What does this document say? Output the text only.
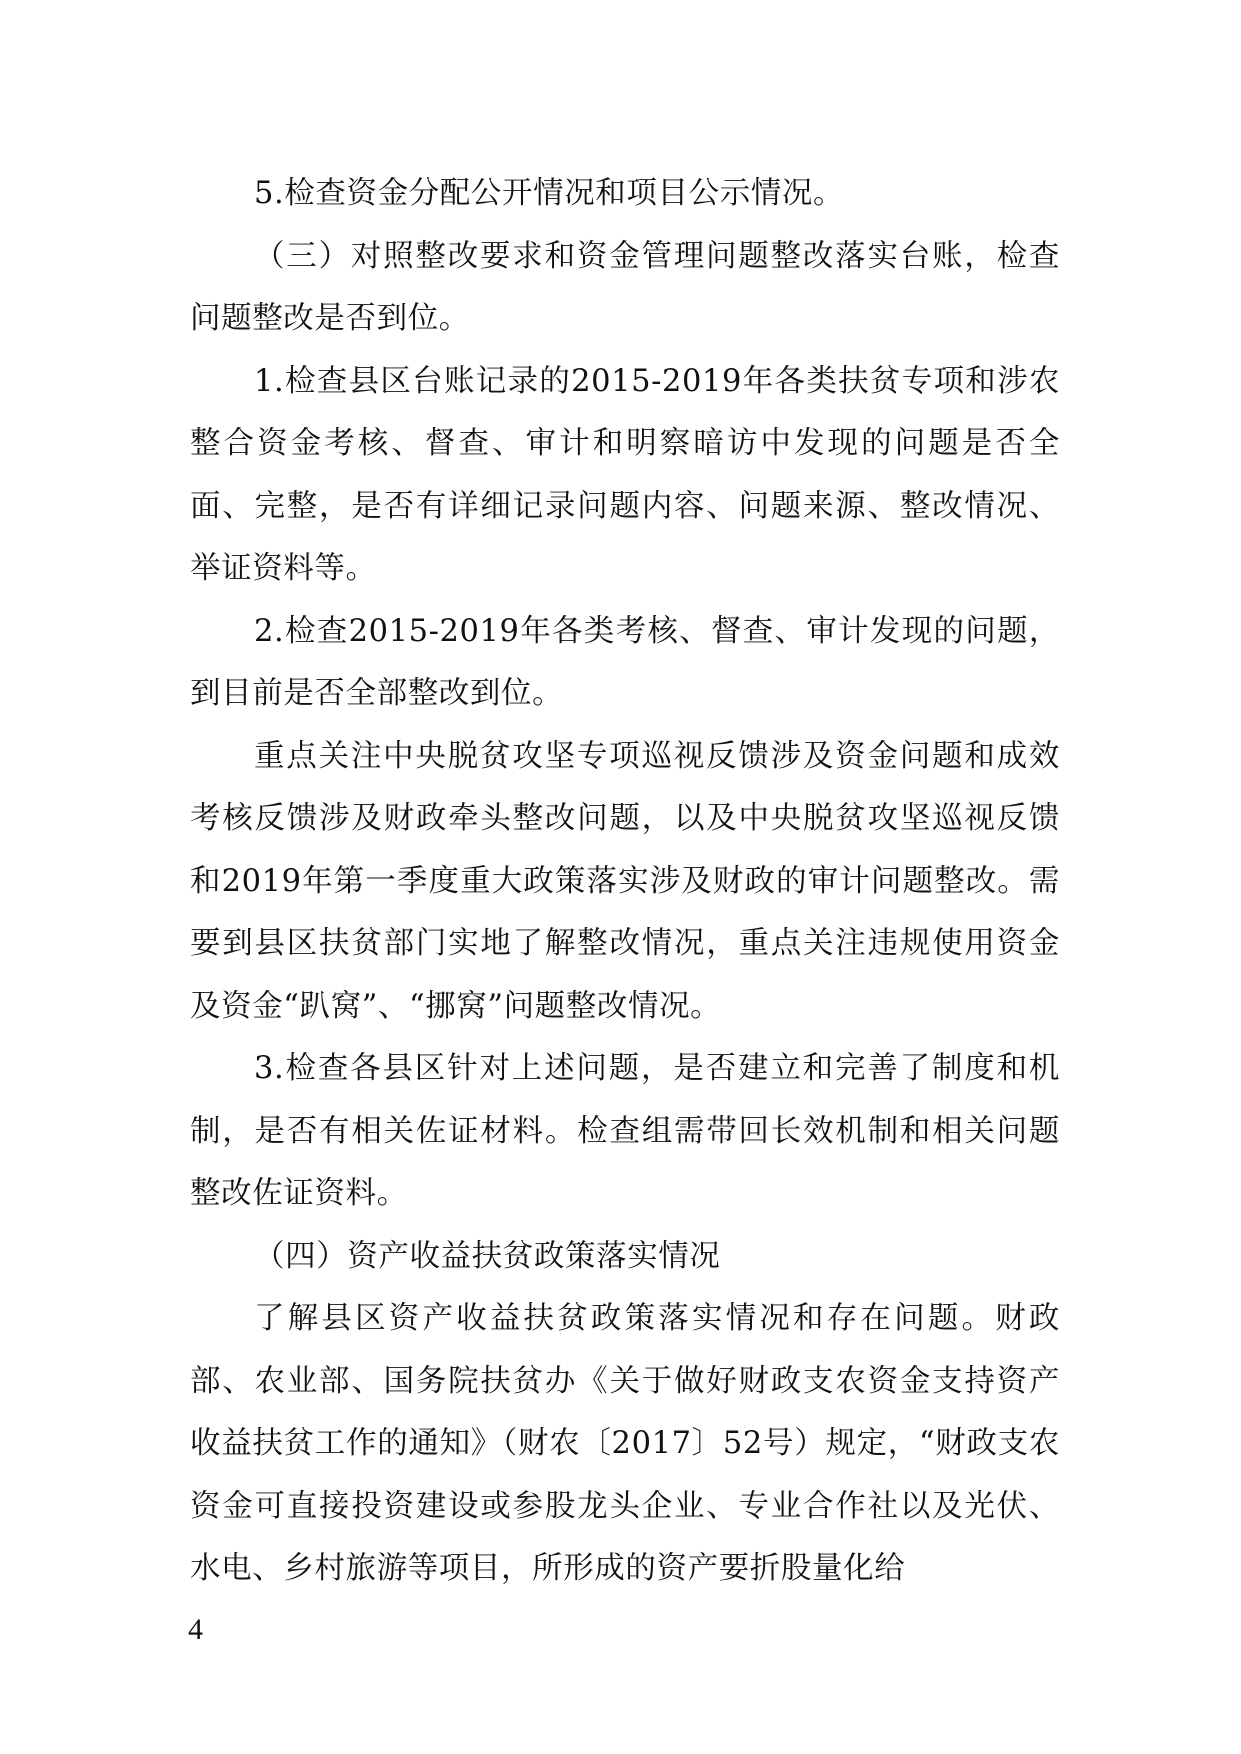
5.检查资金分配公开情况和项目公示情况。

（三）对照整改要求和资金管理问题整改落实台账，检查问题整改是否到位。

1.检查县区台账记录的2015-2019年各类扶贫专项和涉农整合资金考核、督查、审计和明察暗访中发现的问题是否全面、完整，是否有详细记录问题内容、问题来源、整改情况、举证资料等。

2.检查2015-2019年各类考核、督查、审计发现的问题，到目前是否全部整改到位。

重点关注中央脱贫攻坚专项巡视反馈涉及资金问题和成效考核反馈涉及财政牵头整改问题，以及中央脱贫攻坚巡视反馈和2019年第一季度重大政策落实涉及财政的审计问题整改。需要到县区扶贫部门实地了解整改情况，重点关注违规使用资金及资金“趴窝”、“挪窝”问题整改情况。

3.检查各县区针对上述问题，是否建立和完善了制度和机制，是否有相关佐证材料。检查组需带回长效机制和相关问题整改佐证资料。

（四）资产收益扶贫政策落实情况

了解县区资产收益扶贫政策落实情况和存在问题。财政部、农业部、国务院扶贫办《关于做好财政支农资金支持资产收益扶贫工作的通知》（财农〔2017〕52号）规定，“财政支农资金可直接投资建设或参股龙头企业、专业合作社以及光伏、水电、乡村旅游等项目，所形成的资产要折股量化给

4
